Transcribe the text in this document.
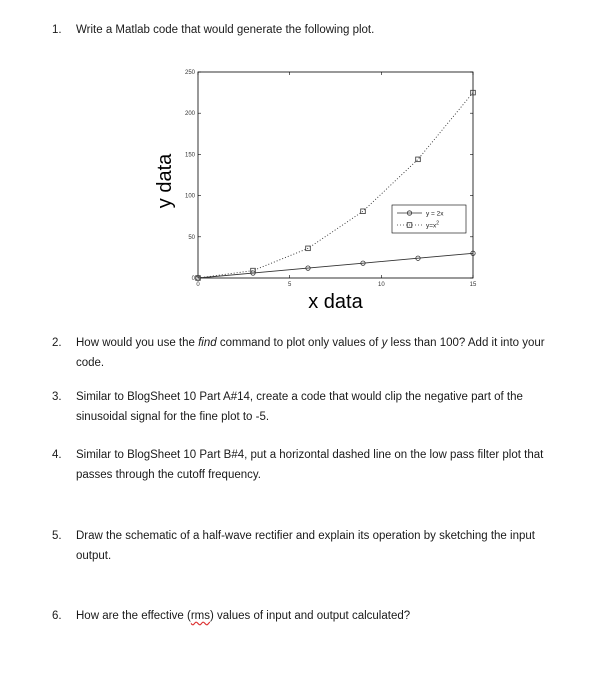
1. Write a Matlab code that would generate the following plot.
0	5	10	15
0
50
100
150
200
250
x data
y data
y = 2x
$y=x^2$
2. How would you use the find command to plot only values of y less than 100? Add it into your
code.
3. Similar to BlogSheet 10 Part A#14, create a code that would clip the negative part of the
sinusoidal signal for the fine plot to -5.
4. Similar to BlogSheet 10 Part B#4, put a horizontal dashed line on the low pass filter plot that
passes through the cutoff frequency.
5. Draw the schematic of a half-wave rectifier and explain its operation by sketching the input
output.
6. How are the effective (rms) values of input and output calculated?
